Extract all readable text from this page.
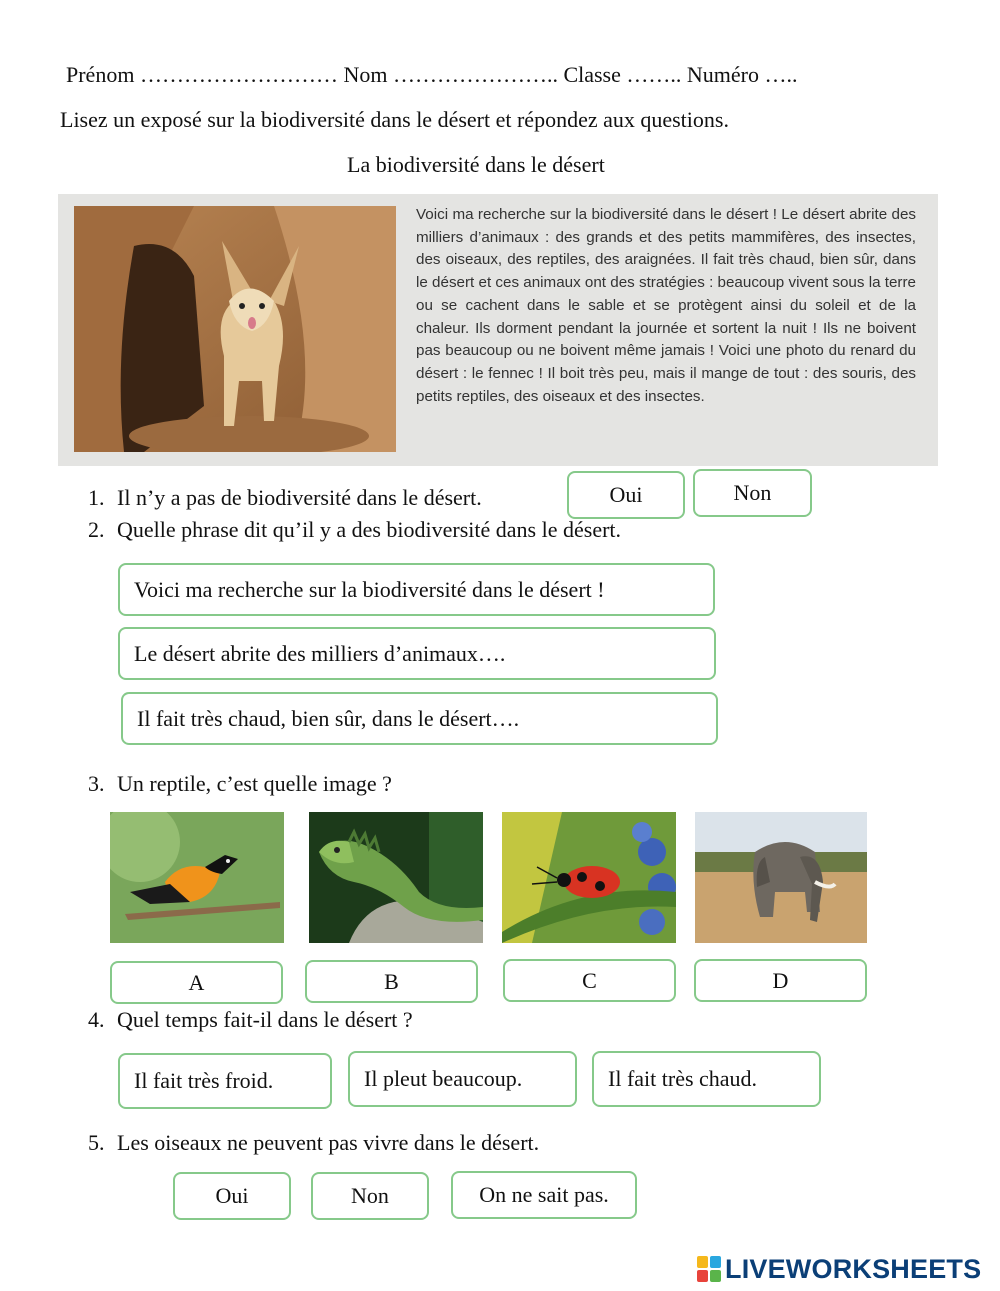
Prénom ……………………… Nom ………………….. Classe …….. Numéro …..
Lisez un exposé sur la biodiversité dans le désert et répondez aux questions.
La biodiversité dans le désert
Voici ma recherche sur la biodiversité dans le désert ! Le désert abrite des milliers d’animaux : des grands et des petits mammifères, des insectes, des oiseaux, des reptiles, des araignées. Il fait très chaud, bien sûr, dans le désert et ces animaux ont des stratégies : beaucoup vivent sous la terre ou se cachent dans le sable et se protègent ainsi du soleil et de la chaleur. Ils dorment pendant la journée et sortent la nuit ! Ils ne boivent pas beaucoup ou ne boivent même jamais ! Voici une photo du renard du désert : le fennec ! Il boit très peu, mais il mange de tout : des souris, des petits reptiles, des oiseaux et des insectes.
1. Il n’y a pas de biodiversité dans le désert.	Oui	Non
2. Quelle phrase dit qu’il y a des biodiversité dans le désert.
Voici ma recherche sur la biodiversité dans le désert !
Le désert abrite des milliers d’animaux….
Il fait très chaud, bien sûr, dans le désert….
3. Un reptile, c’est quelle image ?
A	B	C	D
4. Quel temps fait-il dans le désert ?
Il fait très froid.	Il pleut beaucoup.	Il fait très chaud.
5. Les oiseaux ne peuvent pas vivre dans le désert.
Oui	Non	On ne sait pas.
LIVEWORKSHEETS
